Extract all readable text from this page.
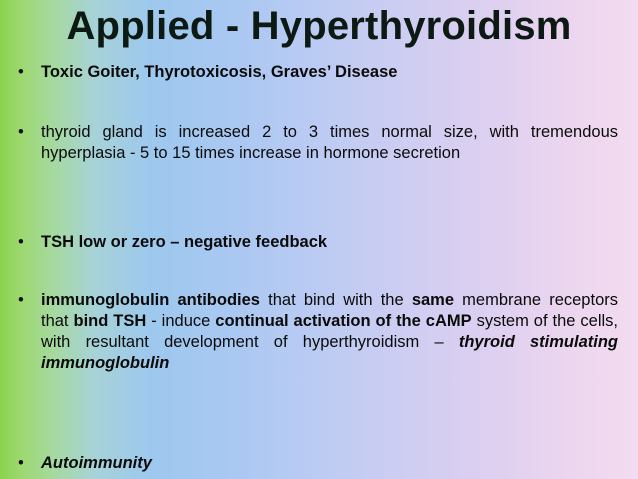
Applied - Hyperthyroidism
•	Toxic Goiter, Thyrotoxicosis, Graves’ Disease
•	thyroid gland is increased 2 to 3 times normal size, with tremendous hyperplasia - 5 to 15 times increase in hormone secretion
•	TSH low or zero – negative feedback
•	immunoglobulin antibodies that bind with the same membrane receptors that bind TSH - induce continual activation of the cAMP system of the cells, with resultant development of hyperthyroidism – thyroid stimulating immunoglobulin
•	Autoimmunity
